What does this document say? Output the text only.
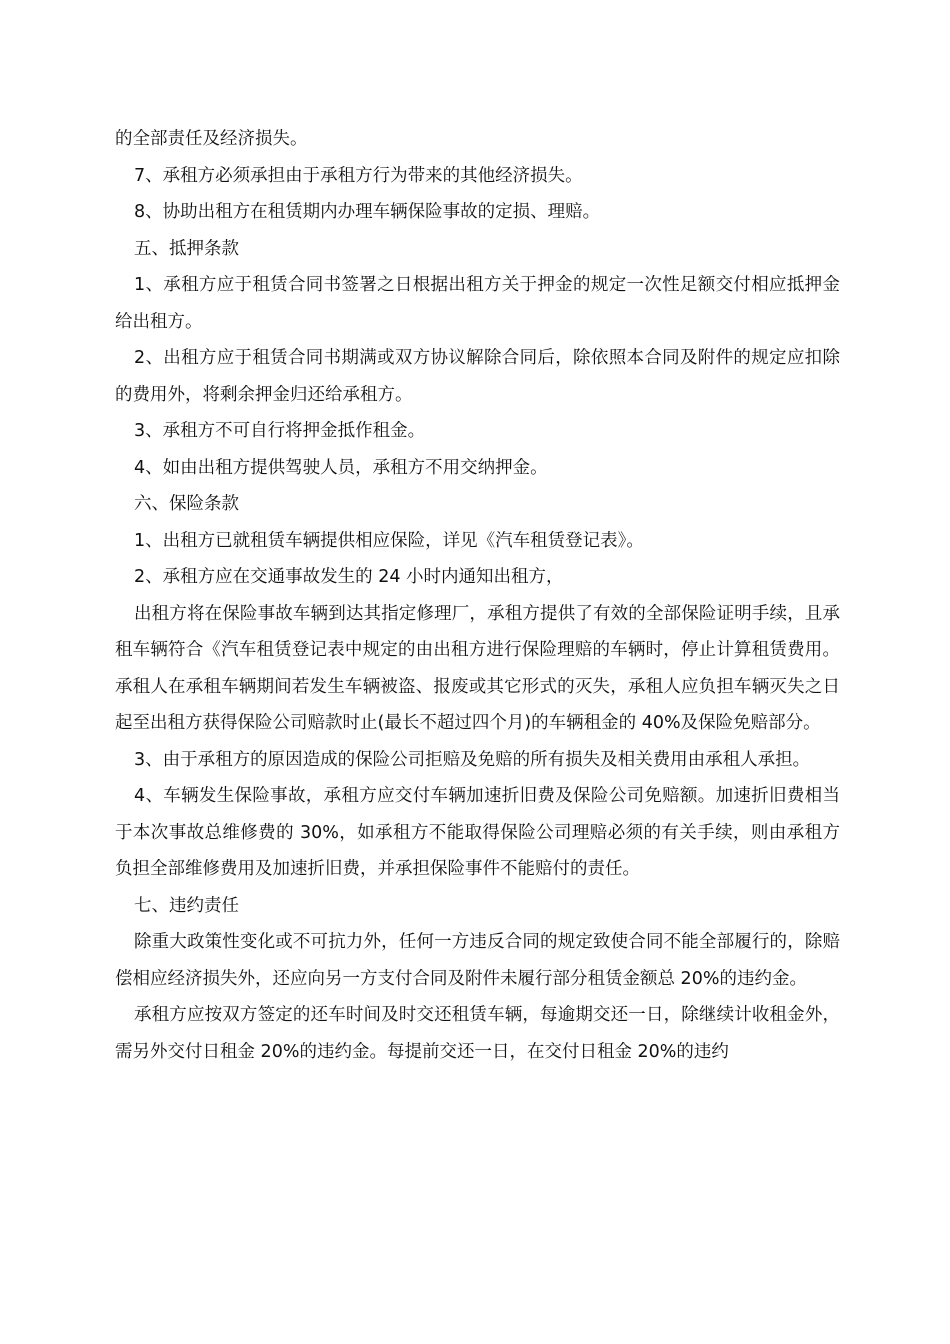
的全部责任及经济损失。

7、承租方必须承担由于承租方行为带来的其他经济损失。

8、协助出租方在租赁期内办理车辆保险事故的定损、理赔。

五、抵押条款

1、承租方应于租赁合同书签署之日根据出租方关于押金的规定一次性足额交付相应抵押金给出租方。

2、出租方应于租赁合同书期满或双方协议解除合同后，除依照本合同及附件的规定应扣除的费用外，将剩余押金归还给承租方。

3、承租方不可自行将押金抵作租金。

4、如由出租方提供驾驶人员，承租方不用交纳押金。

六、保险条款

1、出租方已就租赁车辆提供相应保险，详见《汽车租赁登记表》。

2、承租方应在交通事故发生的 24 小时内通知出租方，

出租方将在保险事故车辆到达其指定修理厂，承租方提供了有效的全部保险证明手续，且承租车辆符合《汽车租赁登记表中规定的由出租方进行保险理赔的车辆时，停止计算租赁费用。承租人在承租车辆期间若发生车辆被盗、报废或其它形式的灭失，承租人应负担车辆灭失之日起至出租方获得保险公司赔款时止(最长不超过四个月)的车辆租金的 40%及保险免赔部分。

3、由于承租方的原因造成的保险公司拒赔及免赔的所有损失及相关费用由承租人承担。

4、车辆发生保险事故，承租方应交付车辆加速折旧费及保险公司免赔额。加速折旧费相当于本次事故总维修费的 30%，如承租方不能取得保险公司理赔必须的有关手续，则由承租方负担全部维修费用及加速折旧费，并承担保险事件不能赔付的责任。

七、违约责任

除重大政策性变化或不可抗力外，任何一方违反合同的规定致使合同不能全部履行的，除赔偿相应经济损失外，还应向另一方支付合同及附件未履行部分租赁金额总 20%的违约金。

承租方应按双方签定的还车时间及时交还租赁车辆，每逾期交还一日，除继续计收租金外，需另外交付日租金 20%的违约金。每提前交还一日，在交付日租金 20%的违约
